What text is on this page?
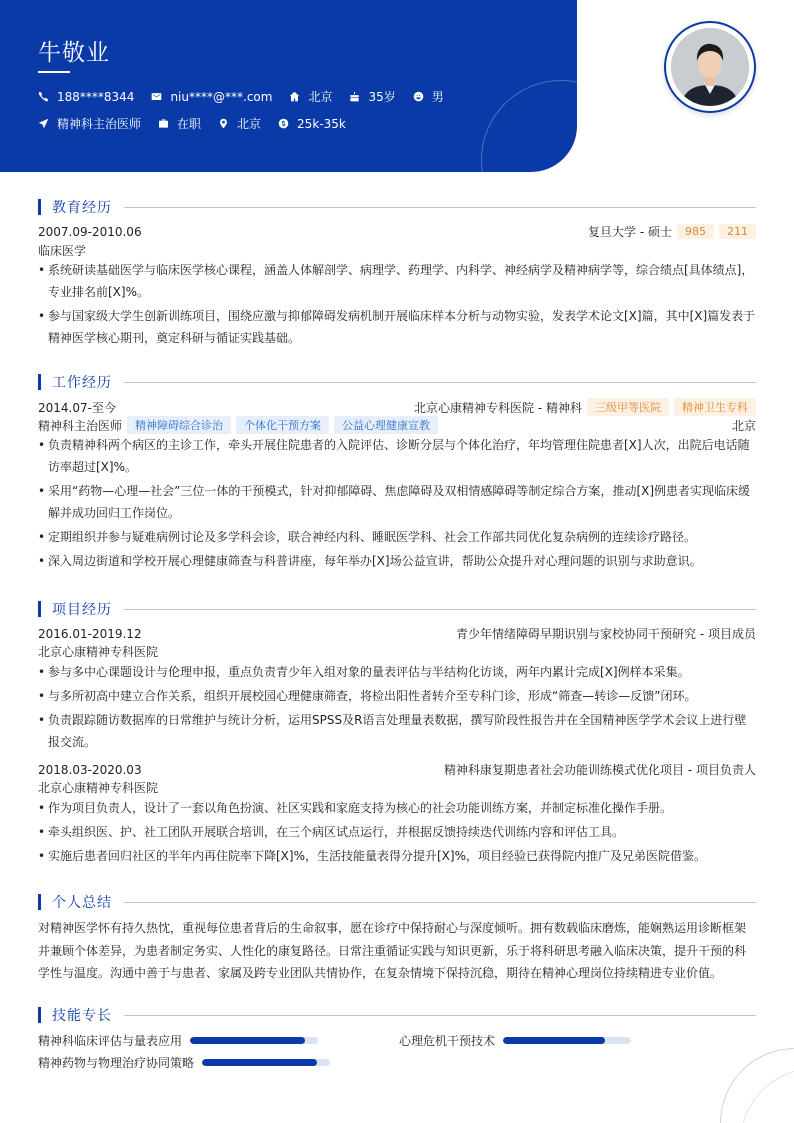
牛敬业
188****8344	niu****@***.com	北京	35岁	男
精神科主治医师	在职	北京	25k-35k
教育经历
2007.09-2010.06	复旦大学 - 硕士	985	211
临床医学
• 系统研读基础医学与临床医学核心课程，涵盖人体解剖学、病理学、药理学、内科学、神经病学及精神病学等，综合绩点[具体绩点]，专业排名前[X]%。
• 参与国家级大学生创新训练项目，围绕应激与抑郁障碍发病机制开展临床样本分析与动物实验，发表学术论文[X]篇，其中[X]篇发表于精神医学核心期刊，奠定科研与循证实践基础。
工作经历
2014.07-至今	北京心康精神专科医院 - 精神科	三级甲等医院	精神卫生专科
精神科主治医师	精神障碍综合诊治	个体化干预方案	公益心理健康宣教	北京
• 负责精神科两个病区的主诊工作，牵头开展住院患者的入院评估、诊断分层与个体化治疗，年均管理住院患者[X]人次，出院后电话随访率超过[X]%。
• 采用“药物—心理—社会”三位一体的干预模式，针对抑郁障碍、焦虑障碍及双相情感障碍等制定综合方案，推动[X]例患者实现临床缓解并成功回归工作岗位。
• 定期组织并参与疑难病例讨论及多学科会诊，联合神经内科、睡眠医学科、社会工作部共同优化复杂病例的连续诊疗路径。
• 深入周边街道和学校开展心理健康筛查与科普讲座，每年举办[X]场公益宣讲，帮助公众提升对心理问题的识别与求助意识。
项目经历
2016.01-2019.12	青少年情绪障碍早期识别与家校协同干预研究 - 项目成员
北京心康精神专科医院
• 参与多中心课题设计与伦理申报，重点负责青少年入组对象的量表评估与半结构化访谈，两年内累计完成[X]例样本采集。
• 与多所初高中建立合作关系，组织开展校园心理健康筛查，将检出阳性者转介至专科门诊，形成“筛查—转诊—反馈”闭环。
• 负责跟踪随访数据库的日常维护与统计分析，运用SPSS及R语言处理量表数据，撰写阶段性报告并在全国精神医学学术会议上进行壁报交流。
2018.03-2020.03	精神科康复期患者社会功能训练模式优化项目 - 项目负责人
北京心康精神专科医院
• 作为项目负责人，设计了一套以角色扮演、社区实践和家庭支持为核心的社会功能训练方案，并制定标准化操作手册。
• 牵头组织医、护、社工团队开展联合培训，在三个病区试点运行，并根据反馈持续迭代训练内容和评估工具。
• 实施后患者回归社区的半年内再住院率下降[X]%，生活技能量表得分提升[X]%，项目经验已获得院内推广及兄弟医院借鉴。
个人总结
对精神医学怀有持久热忱，重视每位患者背后的生命叙事，愿在诊疗中保持耐心与深度倾听。拥有数载临床磨炼，能娴熟运用诊断框架并兼顾个体差异，为患者制定务实、人性化的康复路径。日常注重循证实践与知识更新，乐于将科研思考融入临床决策，提升干预的科学性与温度。沟通中善于与患者、家属及跨专业团队共情协作，在复杂情境下保持沉稳，期待在精神心理岗位持续精进专业价值。
技能专长
精神科临床评估与量表应用	心理危机干预技术
精神药物与物理治疗协同策略
